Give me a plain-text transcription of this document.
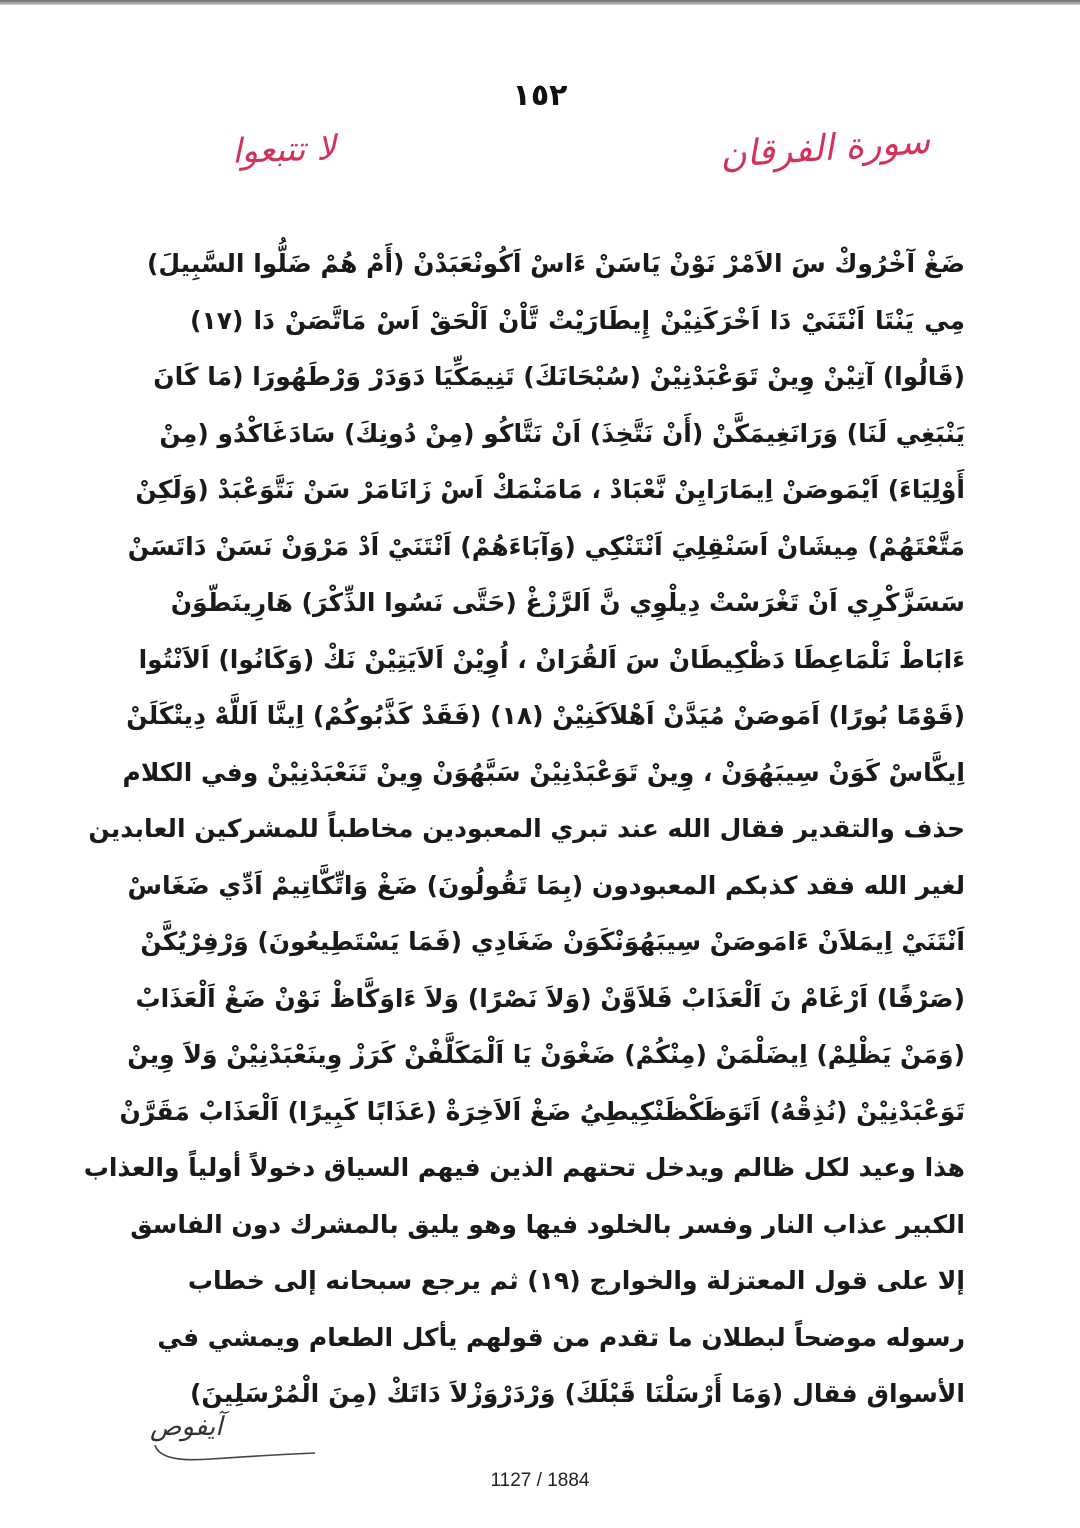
١٥٢
سورة الفرقان
لا تتبعوا
ضَغْ آخْرُوكْ سَ الاَمْرْ نَوْنْ يَاسَنْ ءَاسْ اَكُونْعَبَدْنْ (أَمْ هُمْ ضَلُّوا السَّبِيلَ)
مِي يَنْتَا اَنْتَنَيْ دَا اَخْرَكَنِيْنْ إِيطَارَيْتْ تَّاْنْ اَلْحَقْ اَسْ مَاتَّصَنْ دَا (١٧)
(قَالُوا) آتِيْنْ وِينْ تَوَعْبَدْنِيْنْ (سُبْحَانَكَ) تَنِيمَكِّيَا دَوَدَرْ وَرْطَهُورَا (مَا كَانَ
يَنْبَغِي لَنَا) وَرَانَغِيمَكَّنْ (أَنْ نَتَّخِذَ) اَنْ نَتَّاكُو (مِنْ دُونِكَ) سَادَغَاكْدُو (مِنْ
أَوْلِيَاءَ) اَيْمَوصَنْ اِيمَارَايِنْ نَّعْبَادْ ، مَامَنْمَكْ اَسْ زَانَامَرْ سَنْ نَتَّوَعْبَدْ (وَلَكِنْ
مَتَّعْتَهُمْ) مِيشَانْ اَسَنْقِلِيَ اَنْتَنْكِي (وَآبَاءَهُمْ) اَنْتَنَيْ اَدْ مَرْوَنْ نَسَنْ دَاتَسَنْ
سَسَزَّكْرِي اَنْ تَغْرَسْتْ دِيلْوِي نَّ اَلرَّزْغْ (حَتَّى نَسُوا الذِّكْرَ) هَارِينَطّوَنْ
ءَابَاطْ نَلْمَاعِطَا دَظْكِيطَانْ سَ اَلقُرَانْ ، اُوِيْنْ اَلاَيَتِيْنْ نَكْ (وَكَانُوا) اَلاَنْتُوا
(قَوْمًا بُورًا) اَمَوصَنْ مُيَدَّنْ اَهْلاَكَنِيْنْ (١٨) (فَقَدْ كَذَّبُوكُمْ) اِينَّا اَللَّهْ دِيتْكَلَنْ
اِيكَّاسْ كَوَنْ سِيبَهُوَنْ ، وِينْ تَوَعْبَدْنِيْنْ سَبَّهُوَنْ وِينْ تَنَعْبَدْنِيْنْ وفي الكلام
حذف والتقدير فقال الله عند تبري المعبودين مخاطباً للمشركين العابدين
لغير الله فقد كذبكم المعبودون (بِمَا تَقُولُونَ) ضَغْ وَاتِّكَّاتِيمْ اَدِّي ضَغَاسْ
اَنْتَنَيْ اِيمَلاَنْ ءَامَوصَنْ سِيبَهُوَنْكَوَنْ ضَغَادِي (فَمَا يَسْتَطِيعُونَ) وَرْفِرْيُكَّنْ
(صَرْفًا) اَرْغَامْ نَ اَلْعَذَابْ فَلاَوَّنْ (وَلاَ نَصْرًا) وَلاَ ءَاوَكَّاظْ نَوْنْ ضَغْ اَلْعَذَابْ
(وَمَنْ يَظْلِمْ) اِيضَلْمَنْ (مِنْكُمْ) ضَغْوَنْ يَا اَلْمَكَلَّفْنْ كَرَزْ وِينَعْبَدْنِيْنْ وَلاَ وِينْ
تَوَعْبَدْنِيْنْ (نُذِقْهُ) اَتَوَظَكْظَنْكِيطِيُ ضَغْ اَلاَخِرَةْ (عَذَابًا كَبِيرًا) اَلْعَذَابْ مَقَرَّنْ
هذا وعيد لكل ظالم ويدخل تحتهم الذين فيهم السياق دخولاً أولياً والعذاب
الكبير عذاب النار وفسر بالخلود فيها وهو يليق بالمشرك دون الفاسق
إلا على قول المعتزلة والخوارج (١٩) ثم يرجع سبحانه إلى خطاب
رسوله موضحاً لبطلان ما تقدم من قولهم يأكل الطعام ويمشي في
الأسواق فقال (وَمَا أَرْسَلْنَا قَبْلَكَ) وَرْدَرْوَزْلاَ دَاتَكْ (مِنَ الْمُرْسَلِينَ)
آيفوص
1127 / 1884
